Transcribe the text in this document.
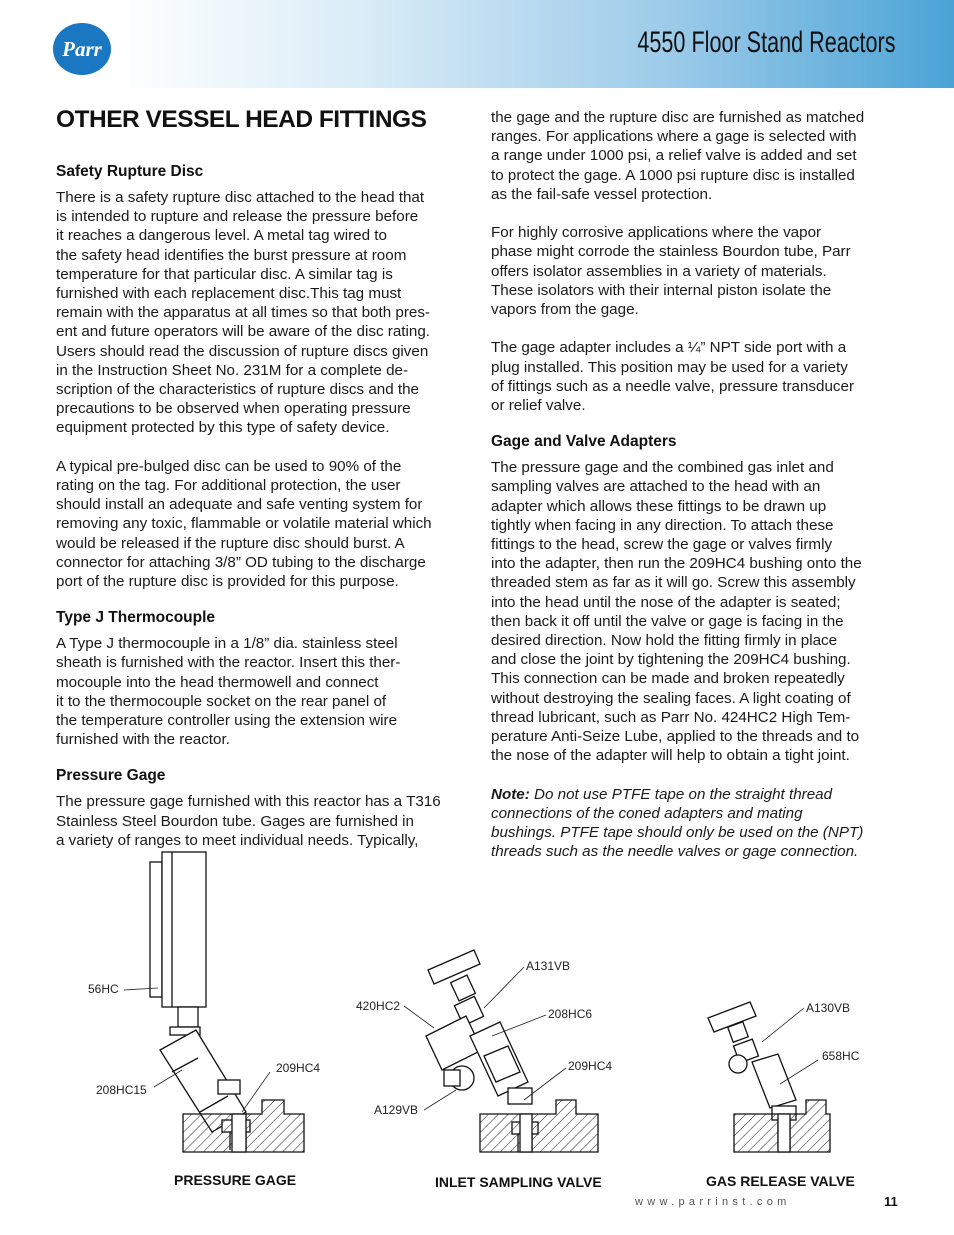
Parr	4550 Floor Stand Reactors
OTHER VESSEL HEAD FITTINGS
Safety Rupture Disc

There is a safety rupture disc attached to the head that
is intended to rupture and release the pressure before
it reaches a dangerous level. A metal tag wired to
the safety head identifies the burst pressure at room
temperature for that particular disc. A similar tag is
furnished with each replacement disc.This tag must
remain with the apparatus at all times so that both pres-
ent and future operators will be aware of the disc rating.
Users should read the discussion of rupture discs given
in the Instruction Sheet No. 231M for a complete de-
scription of the characteristics of rupture discs and the
precautions to be observed when operating pressure
equipment protected by this type of safety device.

A typical pre-bulged disc can be used to 90% of the
rating on the tag. For additional protection, the user
should install an adequate and safe venting system for
removing any toxic, flammable or volatile material which
would be released if the rupture disc should burst. A
connector for attaching 3/8” OD tubing to the discharge
port of the rupture disc is provided for this purpose.

Type J Thermocouple

A Type J thermocouple in a 1/8” dia. stainless steel
sheath is furnished with the reactor. Insert this ther-
mocouple into the head thermowell and connect
it to the thermocouple socket on the rear panel of
the temperature controller using the extension wire
furnished with the reactor.

Pressure Gage

The pressure gage furnished with this reactor has a T316
Stainless Steel Bourdon tube. Gages are furnished in
a variety of ranges to meet individual needs. Typically,

the gage and the rupture disc are furnished as matched
ranges. For applications where a gage is selected with
a range under 1000 psi, a relief valve is added and set
to protect the gage. A 1000 psi rupture disc is installed
as the fail-safe vessel protection.

For highly corrosive applications where the vapor
phase might corrode the stainless Bourdon tube, Parr
offers isolator assemblies in a variety of materials.
These isolators with their internal piston isolate the
vapors from the gage.

The gage adapter includes a ¼” NPT side port with a
plug installed. This position may be used for a variety
of fittings such as a needle valve, pressure transducer
or relief valve.

Gage and Valve Adapters

The pressure gage and the combined gas inlet and
sampling valves are attached to the head with an
adapter which allows these fittings to be drawn up
tightly when facing in any direction. To attach these
fittings to the head, screw the gage or valves firmly
into the adapter, then run the 209HC4 bushing onto the
threaded stem as far as it will go. Screw this assembly
into the head until the nose of the adapter is seated;
then back it off until the valve or gage is facing in the
desired direction. Now hold the fitting firmly in place
and close the joint by tightening the 209HC4 bushing.
This connection can be made and broken repeatedly
without destroying the sealing faces. A light coating of
thread lubricant, such as Parr No. 424HC2 High Tem-
perature Anti-Seize Lube, applied to the threads and to
the nose of the adapter will help to obtain a tight joint.

Note: Do not use PTFE tape on the straight thread
connections of the coned adapters and mating
bushings. PTFE tape should only be used on the (NPT)
threads such as the needle valves or gage connection.

56HC
209HC4
208HC15
A131VB
420HC2
208HC6
209HC4
A129VB
A130VB
658HC
PRESSURE GAGE	INLET SAMPLING VALVE	GAS RELEASE VALVE
www.parrinst.com	11
